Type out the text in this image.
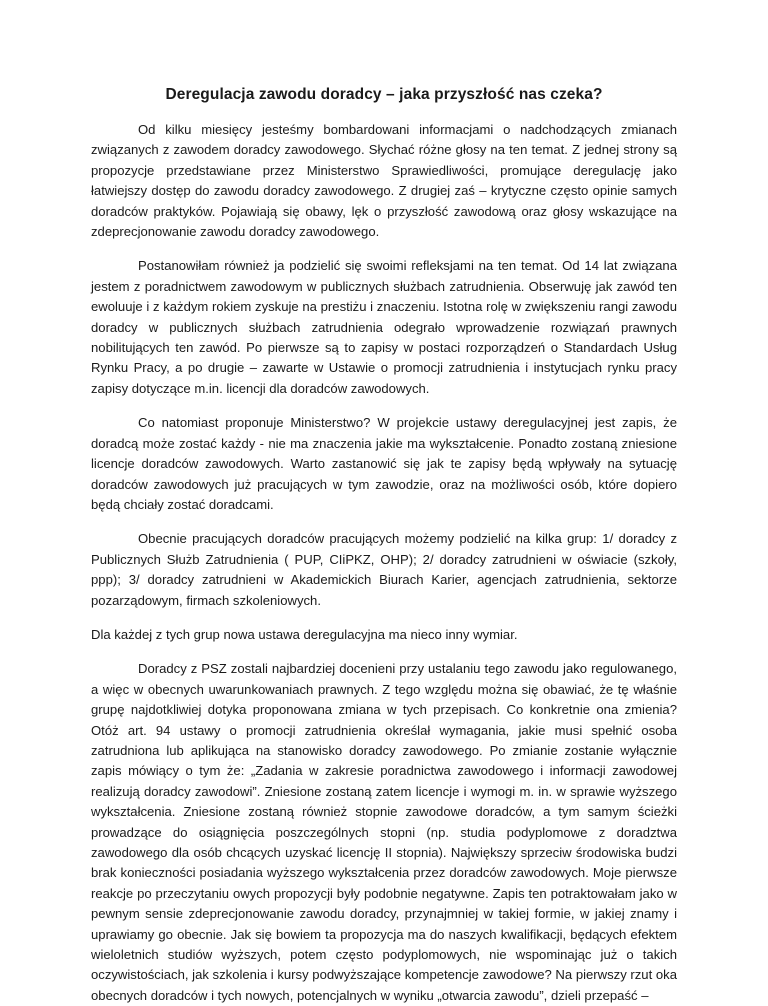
Deregulacja zawodu doradcy – jaka przyszłość nas czeka?

Od kilku miesięcy jesteśmy bombardowani informacjami o nadchodzących zmianach związanych z zawodem doradcy zawodowego. Słychać różne głosy na ten temat. Z jednej strony są propozycje przedstawiane przez Ministerstwo Sprawiedliwości, promujące deregulację jako łatwiejszy dostęp do zawodu doradcy zawodowego. Z drugiej zaś – krytyczne często opinie samych doradców praktyków. Pojawiają się obawy, lęk o przyszłość zawodową oraz głosy wskazujące na zdeprecjonowanie zawodu doradcy zawodowego.

Postanowiłam również ja podzielić się swoimi refleksjami na ten temat. Od 14 lat związana jestem z poradnictwem zawodowym w publicznych służbach zatrudnienia. Obserwuję jak zawód ten ewoluuje i z każdym rokiem zyskuje na prestiżu i znaczeniu. Istotna rolę w zwiększeniu rangi zawodu doradcy w publicznych służbach zatrudnienia odegrało wprowadzenie rozwiązań prawnych nobilitujących ten zawód. Po pierwsze są to zapisy w postaci rozporządzeń o Standardach Usług Rynku Pracy, a po drugie – zawarte w Ustawie o promocji zatrudnienia i instytucjach rynku pracy zapisy dotyczące m.in. licencji dla doradców zawodowych.

Co natomiast proponuje Ministerstwo? W projekcie ustawy deregulacyjnej jest zapis, że doradcą może zostać każdy - nie ma znaczenia jakie ma wykształcenie. Ponadto zostaną zniesione licencje doradców zawodowych. Warto zastanowić się jak te zapisy będą wpływały na sytuację doradców zawodowych już pracujących w tym zawodzie, oraz na możliwości osób, które dopiero będą chciały zostać doradcami.

Obecnie pracujących doradców pracujących możemy podzielić na kilka grup: 1/ doradcy z Publicznych Służb Zatrudnienia ( PUP, CIiPKZ, OHP); 2/ doradcy zatrudnieni w oświacie (szkoły, ppp); 3/ doradcy zatrudnieni w Akademickich Biurach Karier, agencjach zatrudnienia, sektorze pozarządowym, firmach szkoleniowych.

Dla każdej z tych grup nowa ustawa deregulacyjna ma nieco inny wymiar.

Doradcy z PSZ zostali najbardziej docenieni przy ustalaniu tego zawodu jako regulowanego, a więc w obecnych uwarunkowaniach prawnych. Z tego względu można się obawiać, że tę właśnie grupę najdotkliwiej dotyka proponowana zmiana w tych przepisach. Co konkretnie ona zmienia? Otóż art. 94 ustawy o promocji zatrudnienia określał wymagania, jakie musi spełnić osoba zatrudniona lub aplikująca na stanowisko doradcy zawodowego. Po zmianie zostanie wyłącznie zapis mówiący o tym że: „Zadania w zakresie poradnictwa zawodowego i informacji zawodowej realizują doradcy zawodowi”. Zniesione zostaną zatem licencje i wymogi m. in. w sprawie wyższego wykształcenia. Zniesione zostaną również stopnie zawodowe doradców, a tym samym ścieżki prowadzące do osiągnięcia poszczególnych stopni (np. studia podyplomowe z doradztwa zawodowego dla osób chcących uzyskać licencję II stopnia). Największy sprzeciw środowiska budzi brak konieczności posiadania wyższego wykształcenia przez doradców zawodowych. Moje pierwsze reakcje po przeczytaniu owych propozycji były podobnie negatywne. Zapis ten potraktowałam jako w pewnym sensie zdeprecjonowanie zawodu doradcy, przynajmniej w takiej formie, w jakiej znamy i uprawiamy go obecnie. Jak się bowiem ta propozycja ma do naszych kwalifikacji, będących efektem wieloletnich studiów wyższych, potem często podyplomowych, nie wspominając już o takich oczywistościach, jak szkolenia i kursy podwyższające kompetencje zawodowe? Na pierwszy rzut oka obecnych doradców i tych nowych, potencjalnych w wyniku „otwarcia zawodu”, dzieli przepaść –
